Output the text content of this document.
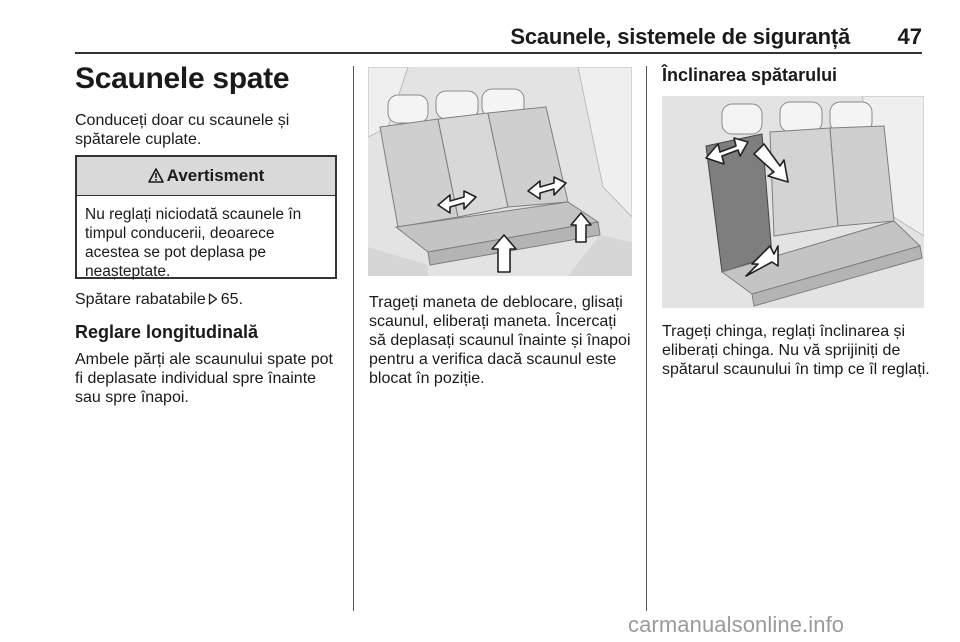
Scaunele, sistemele de siguranță	47
Scaunele spate
Conduceți doar cu scaunele și
spătarele cuplate.
Avertisment
Nu reglați niciodată scaunele în
timpul conducerii, deoarece
acestea se pot deplasa pe
neașteptate.
Spătare rabatabile 65.
Reglare longitudinală
Ambele părți ale scaunului spate pot
fi deplasate individual spre înainte
sau spre înapoi.
Trageți maneta de deblocare, glisați
scaunul, eliberați maneta. Încercați
să deplasați scaunul înainte și înapoi
pentru a verifica dacă scaunul este
blocat în poziție.
Înclinarea spătarului
Trageți chinga, reglați înclinarea și
eliberați chinga. Nu vă sprijiniți de
spătarul scaunului în timp ce îl reglați.
carmanualsonline.info
